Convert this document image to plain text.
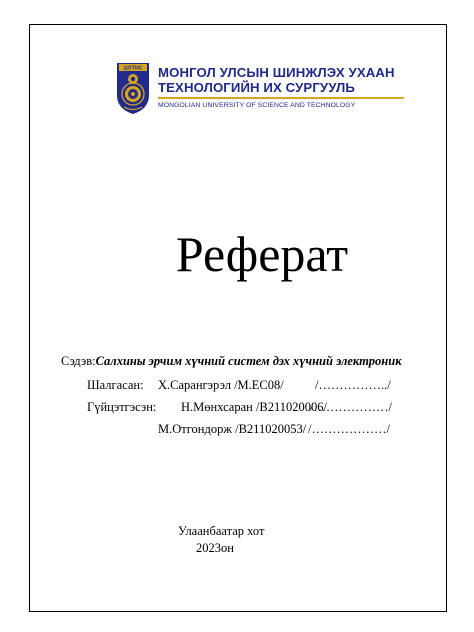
ШУТИС МОНГОЛ УЛСЫН ШИНЖЛЭХ УХААН
ТЕХНОЛОГИЙН ИХ СУРГУУЛЬ
MONGOLIAN UNIVERSITY OF SCIENCE AND TECHNOLOGY
Реферат
Сэдэв:Салхины эрчим хүчний систем дэх хүчний электроник
Шалгасан: Х.Сарангэрэл /M.EC08/	/……………../
Гүйцэтгэсэн: Н.Мөнхсаран /B211020006/
/………………/
М.Отгондорж /B211020053/ /………………/
Улаанбаатар хот
2023он
